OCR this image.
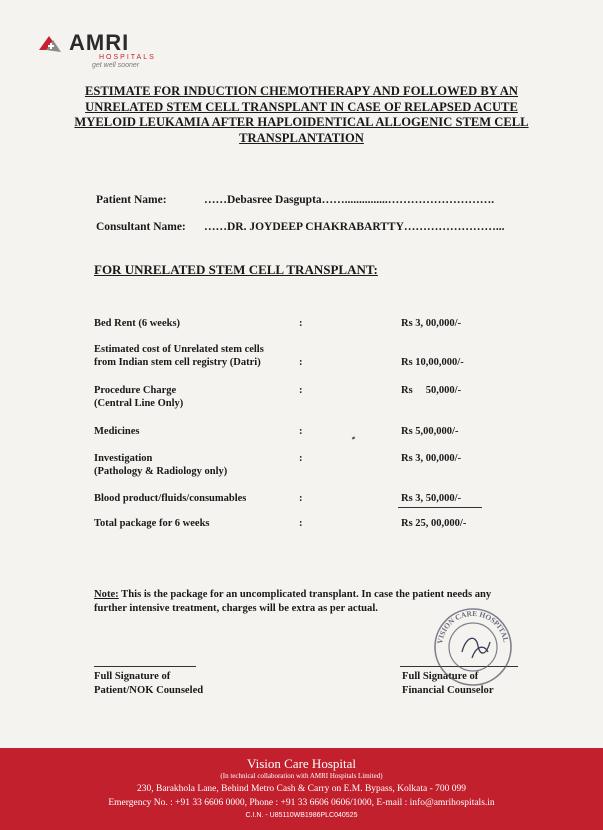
AMRI
HOSPITALS
get well sooner
ESTIMATE FOR INDUCTION CHEMOTHERAPY AND FOLLOWED BY AN UNRELATED STEM CELL TRANSPLANT IN CASE OF RELAPSED ACUTE MYELOID LEUKAMIA AFTER HAPLOIDENTICAL ALLOGENIC STEM CELL TRANSPLANTATION
Patient Name:	……Debasree Dasgupta……...............……………………….
Consultant Name: ……DR. JOYDEEP CHAKRABARTTY……………………...
FOR UNRELATED STEM CELL TRANSPLANT:
Bed Rent (6 weeks)	:	Rs 3, 00,000/-
Estimated cost of Unrelated stem cells
from Indian stem cell registry (Datri)	:	Rs 10,00,000/-
Procedure Charge
(Central Line Only)
:	Rs     50,000/-
Medicines	:	Rs 5,00,000/-
Investigation
(Pathology & Radiology only)
:	Rs 3, 00,000/-
Blood product/fluids/consumables	:	Rs 3, 50,000/-
Total package for 6 weeks	:	Rs 25, 00,000/-
Note: This is the package for an uncomplicated transplant. In case the patient needs any further intensive treatment, charges will be extra as per actual.
Full Signature of
Patient/NOK Counseled
Full Signature of
Financial Counselor
VISION CARE HOSPITAL
Vision Care Hospital
(In technical collaboration with AMRI Hospitals Limited)
230, Barakhola Lane, Behind Metro Cash & Carry on E.M. Bypass, Kolkata - 700 099
Emergency No. : +91 33 6606 0000, Phone : +91 33 6606 0606/1000, E-mail : info@amrihospitals.in
C.I.N. - U85110WB1986PLC040525
